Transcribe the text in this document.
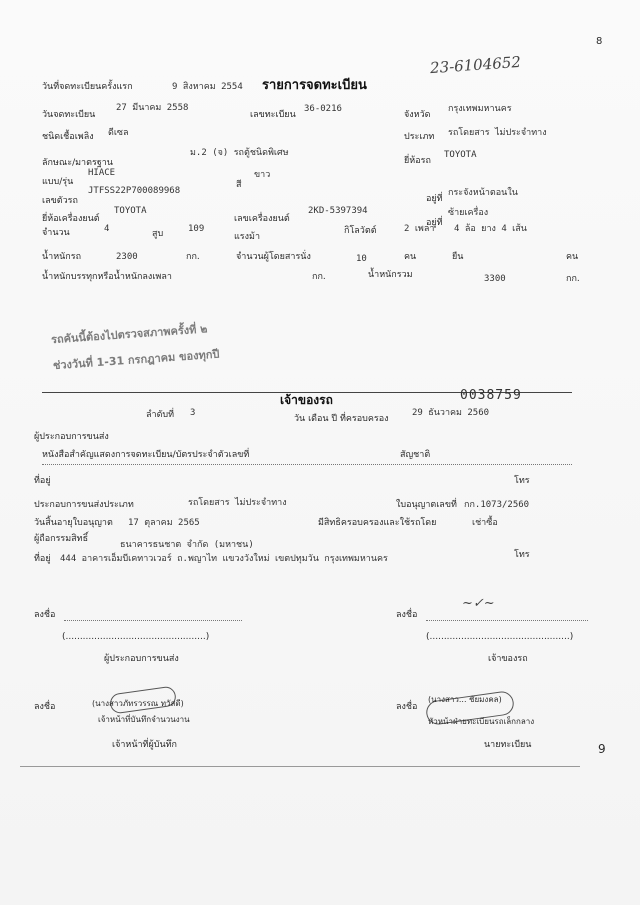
8
23-6104652
วันที่จดทะเบียนครั้งแรก	9 สิงหาคม 2554 รายการจดทะเบียน
วันจดทะเบียน
27 มีนาคม 2558
เลขทะเบียน
36-0216
จังหวัด
กรุงเทพมหานคร
ชนิดเชื้อเพลิง ดีเซล	ประเภท รถโดยสาร ไม่ประจำทาง
ลักษณะ/มาตรฐาน
ม.2 (จ) รถตู้ชนิดพิเศษ
ยี่ห้อรถ
TOYOTA
แบบ/รุ่น
HIACE
สี
ขาว
เลขตัวรถ
JTFSS22P700089968
อยู่ที่
กระจังหน้าตอนใน
ยี่ห้อเครื่องยนต์
TOYOTA
เลขเครื่องยนต์
2KD-5397394
อยู่ที่
ซ้ายเครื่อง
จำนวน	4	สูบ	109
แรงม้า
กิโลวัตต์	2 เพลา 4 ล้อ ยาง 4 เส้น
น้ำหนักรถ	2300	กก.	จำนวนผู้โดยสารนั่ง	10	คน	ยืน	คน
น้ำหนักบรรทุกหรือน้ำหนักลงเพลา	กก.	น้ำหนักรวม	3300	กก.
รถคันนี้ต้องไปตรวจสภาพครั้งที่ ๒
ช่วงวันที่ 1-31 กรกฎาคม ของทุกปี
เจ้าของรถ	0038759
ลำดับที่ 3
วัน เดือน ปี ที่ครอบครอง
29 ธันวาคม 2560
ผู้ประกอบการขนส่ง
หนังสือสำคัญแสดงการจดทะเบียน/บัตรประจำตัวเลขที่	สัญชาติ
ที่อยู่	โทร
ประกอบการขนส่งประเภท	รถโดยสาร ไม่ประจำทาง	ใบอนุญาตเลขที่ กก.1073/2560
วันสิ้นอายุใบอนุญาต 17 ตุลาคม 2565	มีสิทธิครอบครองและใช้รถโดย	เช่าซื้อ
ผู้ถือกรรมสิทธิ์
ธนาคารธนชาต จำกัด (มหาชน)
ที่อยู่ 444 อาคารเอ็มบีเคทาวเวอร์ ถ.พญาไท แขวงวังใหม่ เขตปทุมวัน กรุงเทพมหานคร	โทร
ลงชื่อ
(.................................................)
ผู้ประกอบการขนส่ง
ลงชื่อ
~✓~
(.................................................)
เจ้าของรถ
ลงชื่อ	(นางสาวภัทรวรรณ ทวัสดี)
เจ้าหน้าที่บันทึกจำนวนงาน
เจ้าหน้าที่ผู้บันทึก
ลงชื่อ
(นางสาว... ชัยมงคล)
หัวหน้าฝ่ายทะเบียนรถเล็กกลาง
นายทะเบียน	9
